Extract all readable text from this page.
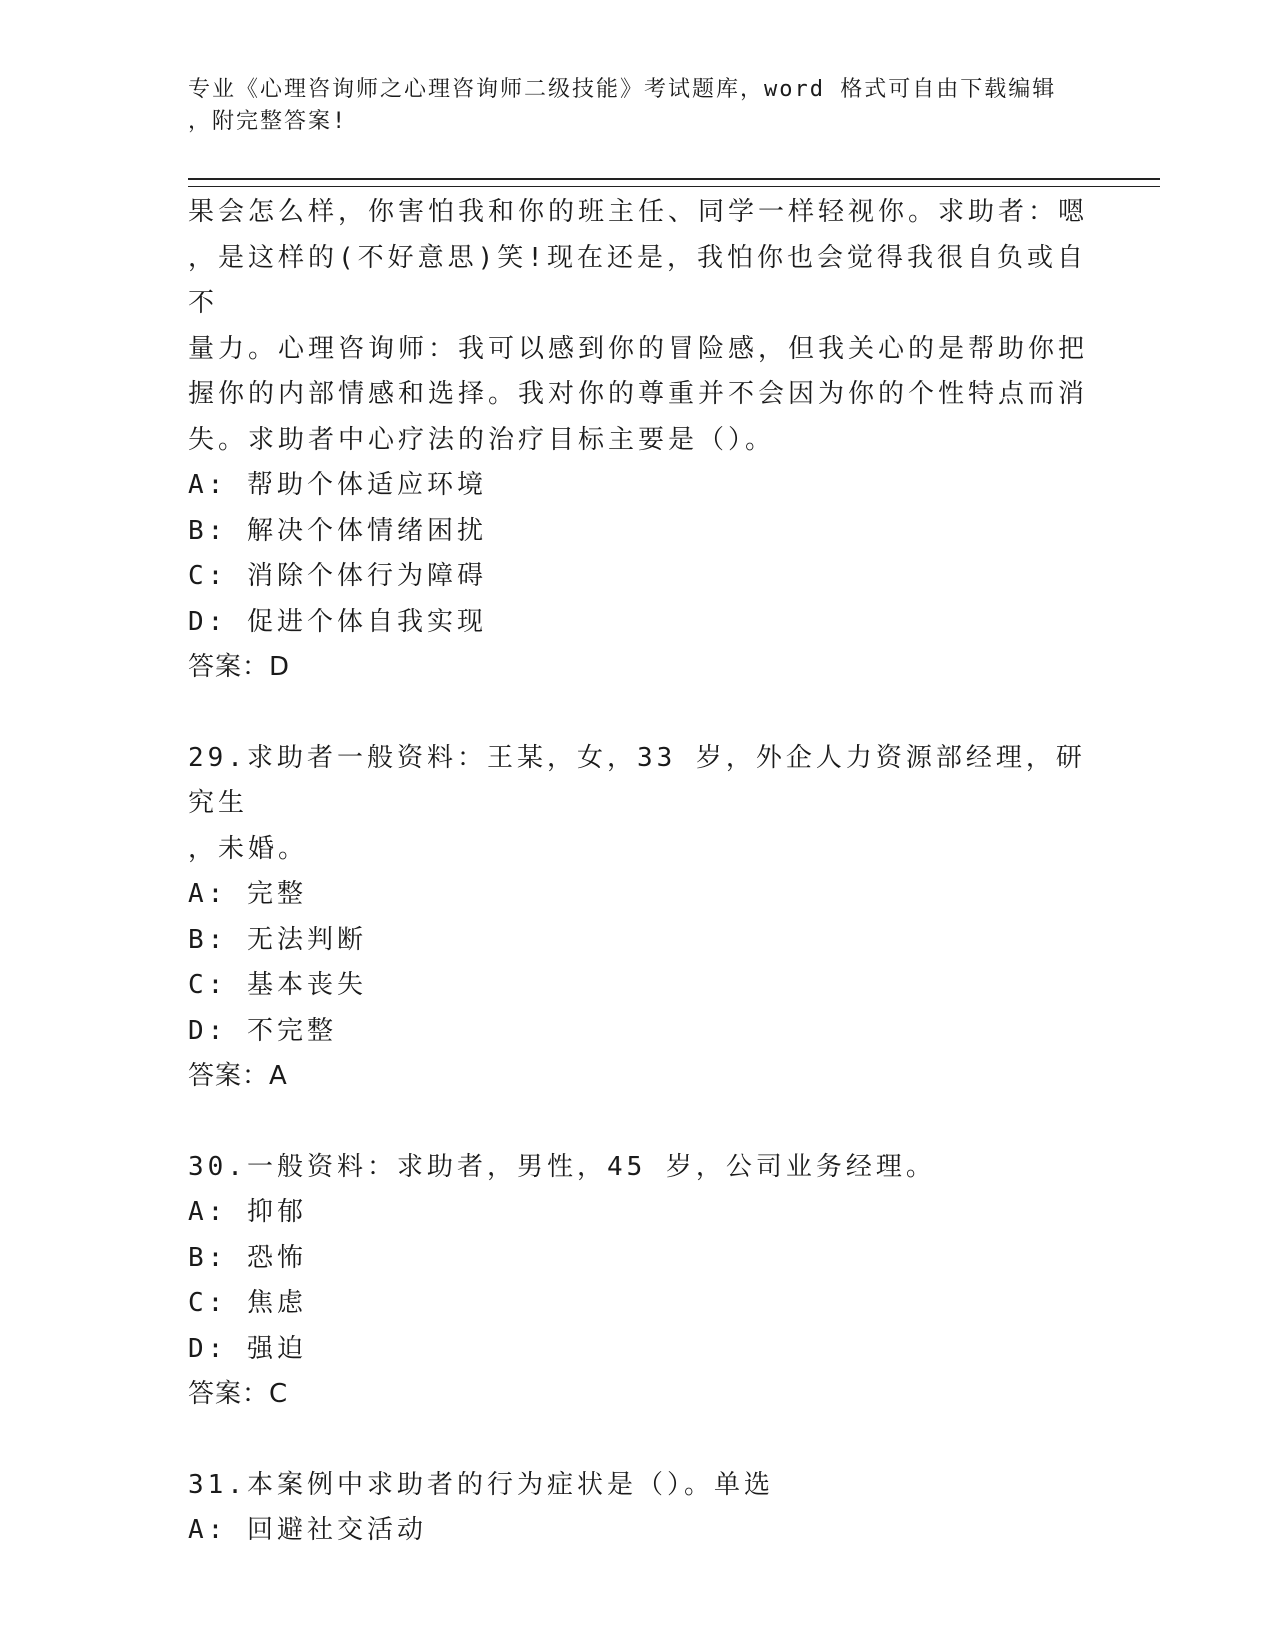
专业《心理咨询师之心理咨询师二级技能》考试题库，word 格式可自由下载编辑
，附完整答案!

果会怎么样，你害怕我和你的班主任、同学一样轻视你。求助者：嗯

，是这样的(不好意思)笑!现在还是，我怕你也会觉得我很自负或自不

量力。心理咨询师：我可以感到你的冒险感，但我关心的是帮助你把

握你的内部情感和选择。我对你的尊重并不会因为你的个性特点而消

失。求助者中心疗法的治疗目标主要是（）。

A: 帮助个体适应环境

B: 解决个体情绪困扰

C: 消除个体行为障碍

D: 促进个体自我实现

答案：D

29.求助者一般资料：王某，女，33 岁，外企人力资源部经理，研究生

，未婚。

A: 完整

B: 无法判断

C: 基本丧失

D: 不完整

答案：A

30.一般资料：求助者，男性，45 岁，公司业务经理。

A: 抑郁

B: 恐怖

C: 焦虑

D: 强迫

答案：C

31.本案例中求助者的行为症状是（）。单选

A: 回避社交活动
